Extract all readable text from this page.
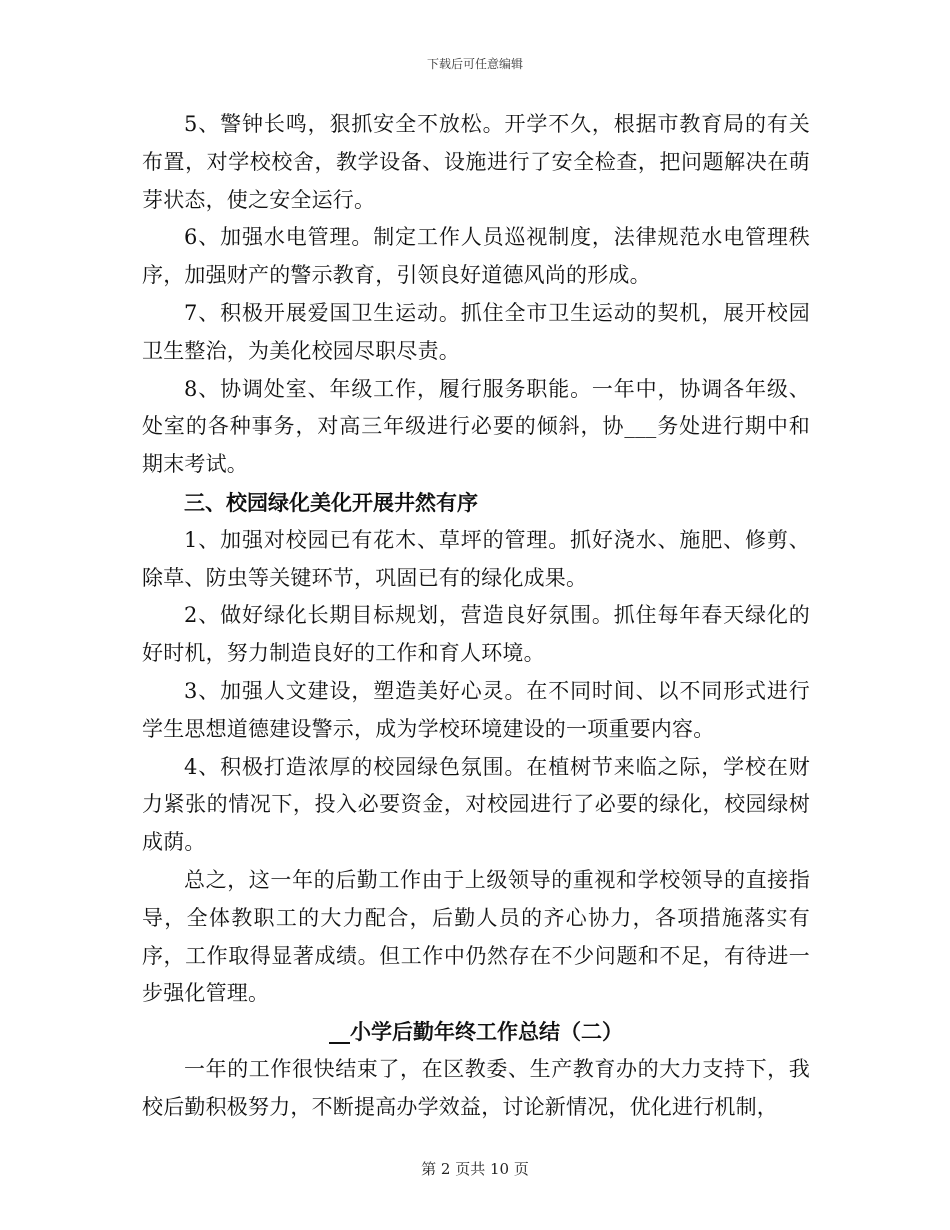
下载后可任意编辑

5、警钟长鸣，狠抓安全不放松。开学不久，根据市教育局的有关布置，对学校校舍，教学设备、设施进行了安全检查，把问题解决在萌芽状态，使之安全运行。

6、加强水电管理。制定工作人员巡视制度，法律规范水电管理秩序，加强财产的警示教育，引领良好道德风尚的形成。

7、积极开展爱国卫生运动。抓住全市卫生运动的契机，展开校园卫生整治，为美化校园尽职尽责。

8、协调处室、年级工作，履行服务职能。一年中，协调各年级、处室的各种事务，对高三年级进行必要的倾斜，协___务处进行期中和期末考试。

三、校园绿化美化开展井然有序

1、加强对校园已有花木、草坪的管理。抓好浇水、施肥、修剪、除草、防虫等关键环节，巩固已有的绿化成果。

2、做好绿化长期目标规划，营造良好氛围。抓住每年春天绿化的好时机，努力制造良好的工作和育人环境。

3、加强人文建设，塑造美好心灵。在不同时间、以不同形式进行学生思想道德建设警示，成为学校环境建设的一项重要内容。

4、积极打造浓厚的校园绿色氛围。在植树节来临之际，学校在财力紧张的情况下，投入必要资金，对校园进行了必要的绿化，校园绿树成荫。

总之，这一年的后勤工作由于上级领导的重视和学校领导的直接指导，全体教职工的大力配合，后勤人员的齐心协力，各项措施落实有序，工作取得显著成绩。但工作中仍然存在不少问题和不足，有待进一步强化管理。

__小学后勤年终工作总结（二）

一年的工作很快结束了，在区教委、生产教育办的大力支持下，我校后勤积极努力，不断提高办学效益，讨论新情况，优化进行机制，

第 2 页共 10 页
